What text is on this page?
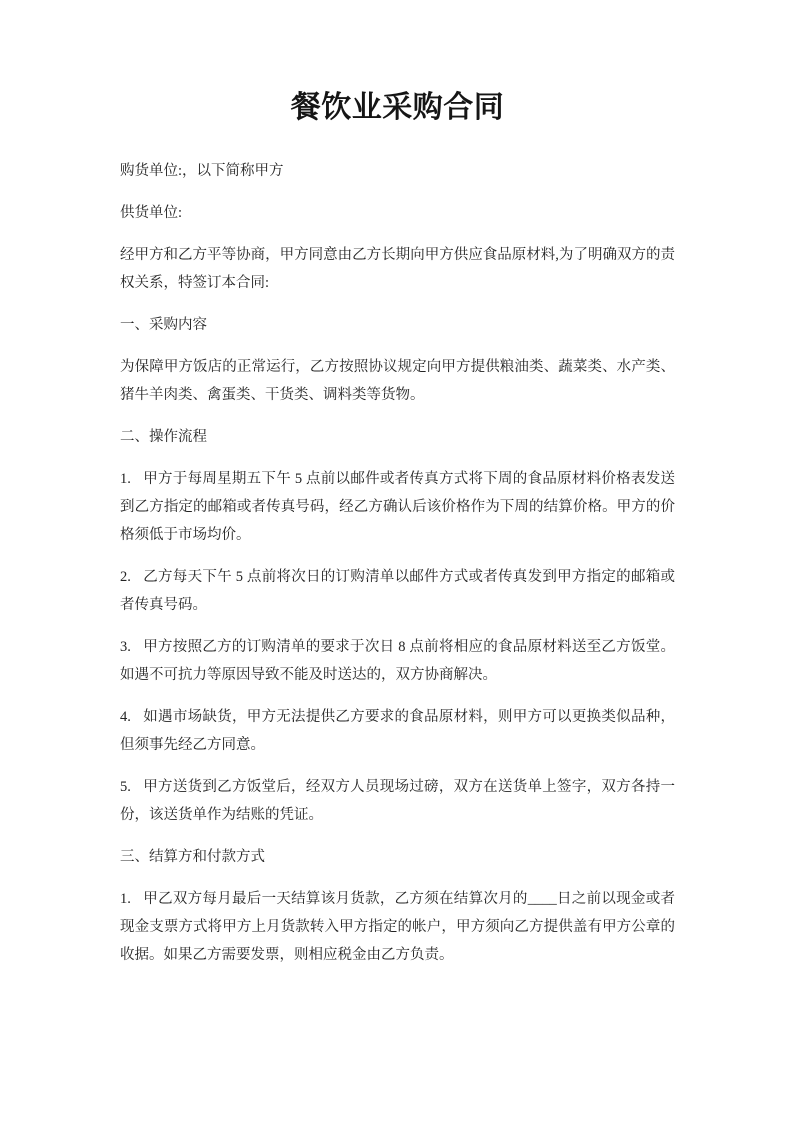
餐饮业采购合同

购货单位:，以下简称甲方

供货单位:

经甲方和乙方平等协商，甲方同意由乙方长期向甲方供应食品原材料,为了明确双方的责权关系，特签订本合同:

一、采购内容

为保障甲方饭店的正常运行，乙方按照协议规定向甲方提供粮油类、蔬菜类、水产类、猪牛羊肉类、禽蛋类、干货类、调料类等货物。

二、操作流程

1. 甲方于每周星期五下午 5 点前以邮件或者传真方式将下周的食品原材料价格表发送到乙方指定的邮箱或者传真号码，经乙方确认后该价格作为下周的结算价格。甲方的价格须低于市场均价。

2. 乙方每天下午 5 点前将次日的订购清单以邮件方式或者传真发到甲方指定的邮箱或者传真号码。

3. 甲方按照乙方的订购清单的要求于次日 8 点前将相应的食品原材料送至乙方饭堂。如遇不可抗力等原因导致不能及时送达的，双方协商解决。

4. 如遇市场缺货，甲方无法提供乙方要求的食品原材料，则甲方可以更换类似品种，但须事先经乙方同意。

5. 甲方送货到乙方饭堂后，经双方人员现场过磅，双方在送货单上签字，双方各持一份，该送货单作为结账的凭证。

三、结算方和付款方式

1. 甲乙双方每月最后一天结算该月货款，乙方须在结算次月的____日之前以现金或者现金支票方式将甲方上月货款转入甲方指定的帐户，甲方须向乙方提供盖有甲方公章的收据。如果乙方需要发票，则相应税金由乙方负责。
